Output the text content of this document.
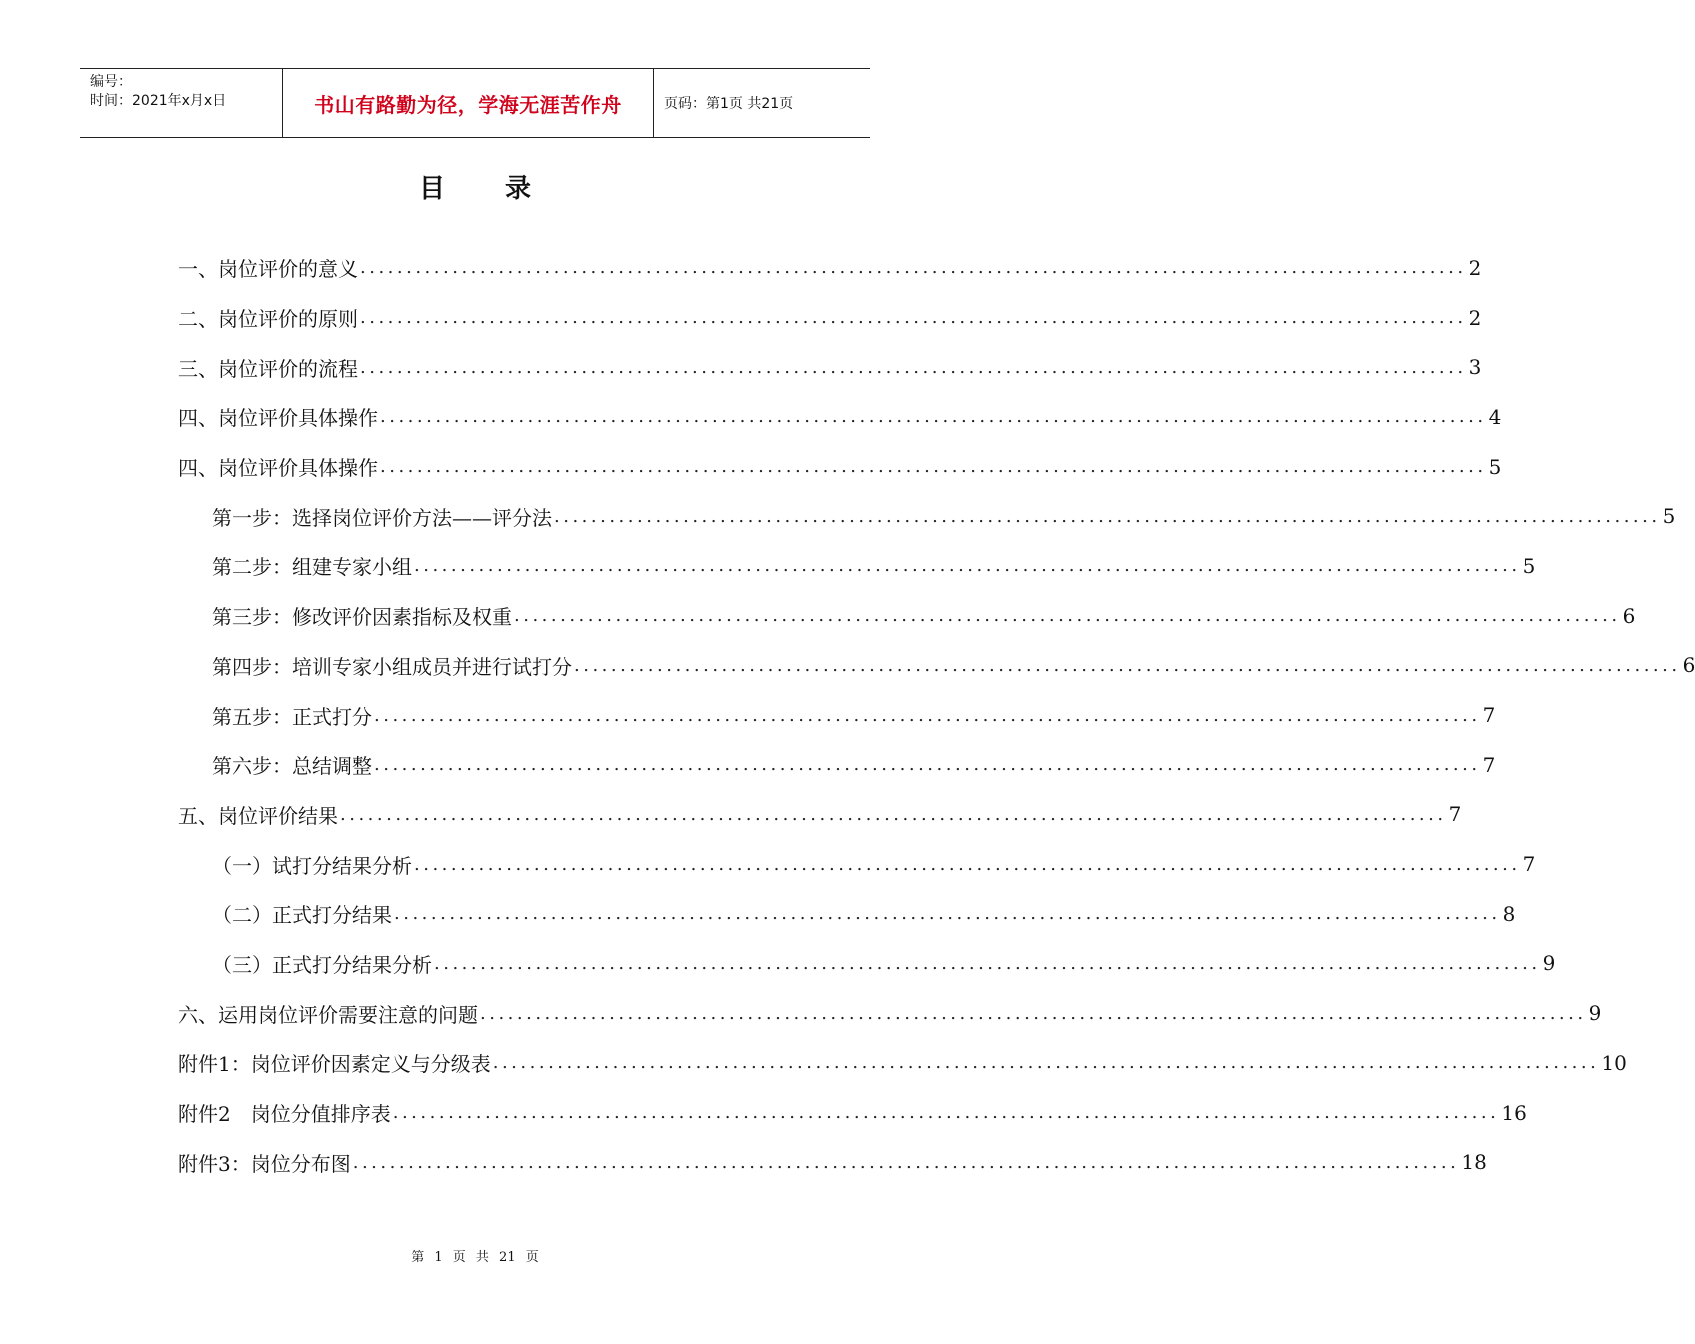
编号：
时间：2021年x月x日	书山有路勤为径，学海无涯苦作舟	页码：第1页 共21页
目录
一、岗位评价的意义 ........................................................................................................................ 2
二、岗位评价的原则 ........................................................................................................................ 2
三、岗位评价的流程 ........................................................................................................................ 3
四、岗位评价具体操作 ........................................................................................................................ 4
四、岗位评价具体操作 ........................................................................................................................ 5
第一步：选择岗位评价方法——评分法 ........................................................................................................................ 5
第二步：组建专家小组 ........................................................................................................................ 5
第三步：修改评价因素指标及权重 ........................................................................................................................ 6
第四步：培训专家小组成员并进行试打分 ........................................................................................................................ 6
第五步：正式打分 ........................................................................................................................ 7
第六步：总结调整 ........................................................................................................................ 7
五、岗位评价结果 ........................................................................................................................ 7
（一）试打分结果分析 ........................................................................................................................ 7
（二）正式打分结果 ........................................................................................................................ 8
（三）正式打分结果分析 ........................................................................................................................ 9
六、运用岗位评价需要注意的问题 ........................................................................................................................ 9
附件1：岗位评价因素定义与分级表 ........................................................................................................................ 10
附件2　岗位分值排序表 ........................................................................................................................ 16
附件3：岗位分布图 ........................................................................................................................ 18
第 1 页 共 21 页
